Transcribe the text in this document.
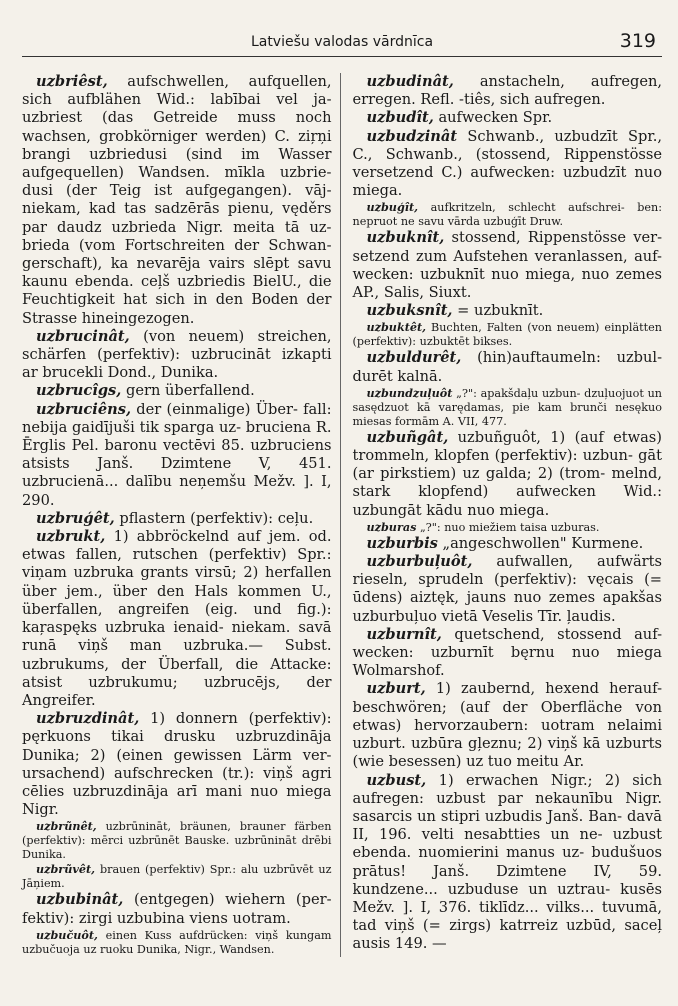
Latviešu valodas vārdnīca	319

uzbriêst, aufschwellen, aufquellen, sich aufblähen Wid.: labībai vel ja- uzbriest (das Getreide muss noch wachsen, grobkörniger werden) C. ziŗņi brangi uzbriedusi (sind im Wasser aufgequellen) Wandsen. mīkla uzbrie- dusi (der Teig ist aufgegangen). vāj- niekam, kad tas sadzērās pienu, vęděrs par daudz uzbrieda Nigr. meita tā uz- brieda (vom Fortschreiten der Schwan- gerschaft), ka nevarēja vairs slēpt savu kaunu ebenda. ceļš uzbriedis BielU., die Feuchtigkeit hat sich in den Boden der Strasse hineingezogen.

uzbrucinât, (von neuem) streichen, schärfen (perfektiv): uzbrucināt izkapti ar brucekli Dond., Dunika.

uzbrucîgs, gern überfallend.

uzbruciêns, der (einmalige) Über- fall: nebija gaidījuši tik spargа uz- bruciena R. Ērglis Pel. baronu vectēvi 85. uzbruciens atsists Janš. Dzimtene V, 451. uzbrucienā... dalību neņemšu Mežv. ]. I, 290.

uzbruģêt, pflastern (perfektiv): ceļu.

uzbrukt, 1) abbröckelnd auf jem. od. etwas fallen, rutschen (perfektiv) Spr.: viņam uzbruka grants virsū; 2) herfallen über jem., über den Hals kommen U., überfallen, angreifen (eig. und fig.): kaŗaspęks uzbruka ienaid- niekam. savā runā viņš man uzbruka.— Subst. uzbrukums, der Überfall, die Attacke: atsist uzbrukumu; uzbrucējs, der Angreifer.

uzbruzdinât, 1) donnern (perfektiv): pęrkuons tikai drusku uzbruzdināja Dunika; 2) (einen gewissen Lärm ver- ursachend) aufschrecken (tr.): viņš agri cēlies uzbruzdināja arī mani nuo miega Nigr.

uzbrũnêt, uzbrūnināt, bräunen, brauner färben (perfektiv): mērci uzbrūnēt Bauske. uzbrūnināt drēbi Dunika.

uzbrũvêt, brauen (perfektiv) Spr.: alu uzbrūvēt uz Jāņiem.

uzbubinât, (entgegen) wiehern (per- fektiv): zirgi uzbubina viens uotram.

uzbučuôt, einen Kuss aufdrücken: viņš kungam uzbučuoja uz ruoku Dunika, Nigr., Wandsen.

uzbudinât, anstacheln, aufregen, erregen. Refl. -tiês, sich aufregen.

uzbudît, aufwecken Spr.

uzbudzinât Schwanb., uzbudzīt Spr., C., Schwanb., (stossend, Rippenstösse versetzend C.) aufwecken: uzbudzīt nuo miega.

uzbuģît, aufkritzeln, schlecht aufschrei- ben: nepruot ne savu vārda uzbuģīt Druw.

uzbuknît, stossend, Rippenstösse ver- setzend zum Aufstehen veranlassen, auf- wecken: uzbuknīt nuo miega, nuo zemes AP., Salis, Siuxt.

uzbuksnît, = uzbuknīt.

uzbuktêt, Buchten, Falten (von neuem) einplätten (perfektiv): uzbuktēt bikses.

uzbuldurêt, (hin)auftaumeln: uzbul- durēt kalnā.

uzbundzuļuôt „?": apakšdaļu uzbun- dzuļuojuot un sasędzuot kā varędamas, pie kam brunči nesękuo miesas formām A. VII, 477.

uzbuñgât, uzbuñguôt, 1) (auf etwas) trommeln, klopfen (perfektiv): uzbun- gāt (ar pirkstiem) uz galda; 2) (trom- melnd, stark klopfend) aufwecken Wid.: uzbungāt kādu nuo miega.

uzburas „?": nuo miežiem taisa uzburas.

uzburbis „angeschwollen" Kurmene.

uzburbuļuôt, aufwallen, aufwärts rieseln, sprudeln (perfektiv): vęcais (= ūdens) aiztęk, jauns nuo zemes apakšas uzburbuļuo vietā Veselis Tīr. ļaudis.

uzburnît, quetschend, stossend auf- wecken: uzburnīt bęrnu nuo miega Wolmarshof.

uzburt, 1) zaubernd, hexend herauf- beschwören; (auf der Oberfläche von etwas) hervorzaubern: uotram nelaimi uzburt. uzbūra gļeznu; 2) viņš kā uzburts (wie besessen) uz tuo meitu Ar.

uzbust, 1) erwachen Nigr.; 2) sich aufregen: uzbust par nekaunību Nigr. sasarcis un stipri uzbudis Janš. Ban- davā II, 196. velti nesabtties un ne- uzbust ebenda. nuomierini manus uz- budušuos prātus! Janš. Dzimtene IV, 59. kundzene... uzbuduse un uztrau- kusēs Mežv. ]. I, 376. tiklīdz... vilks... tuvumā, tad viņš (= zirgs) katrreiz uzbūd, saceļ ausis 149. —
